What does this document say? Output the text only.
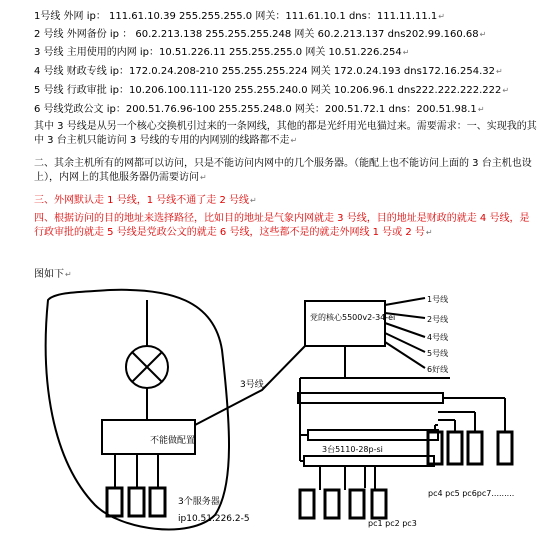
1号线 外网 ip： 111.61.10.39 255.255.255.0 网关：111.61.10.1 dns：111.11.11.1↵
2 号线 外网备份 ip ： 60.2.213.138 255.255.255.248 网关 60.2.213.137 dns202.99.160.68↵
3 号线 主用使用的内网 ip：10.51.226.11 255.255.255.0 网关 10.51.226.254↵
4 号线 财政专线 ip：172.0.24.208-210 255.255.255.224 网关 172.0.24.193 dns172.16.254.32↵
5 号线 行政审批 ip：10.206.100.111-120 255.255.240.0 网关 10.206.96.1 dns222.222.222.222↵
6 号线党政公文 ip：200.51.76.96-100 255.255.248.0 网关：200.51.72.1 dns：200.51.98.1↵
其中 3 号线是从另一个核心交换机引过来的一条网线，其他的都是光纤用光电猫过来。需要需求：一、实现我的其中 3 台主机只能访问 3 号线的专用的内网别的线路都不走↵
二、其余主机所有的网都可以访问，只是不能访问内网中的几个服务器。（能配上也不能访问上面的 3 台主机也设上），内网上的其他服务器仍需要访问↵
三、外网默认走 1 号线，1 号线不通了走 2 号线↵
四、根据访问的目的地址来选择路径，比如目的地址是气象内网就走 3 号线，目的地址是财政的就走 4 号线，是行政审批的就走 5 号线是党政公文的就走 6 号线，这些都不是的就走外网线 1 号或 2 号↵
图如下↵
不能做配置
3个服务器
ip10.51.226.2-5
3号线
党的核心5500v2-34-ei
1号线
2号线
4号线
5号线
6好线
3台5110-28p-si
pc4 pc5 pc6pc7.........
pc1 pc2 pc3
